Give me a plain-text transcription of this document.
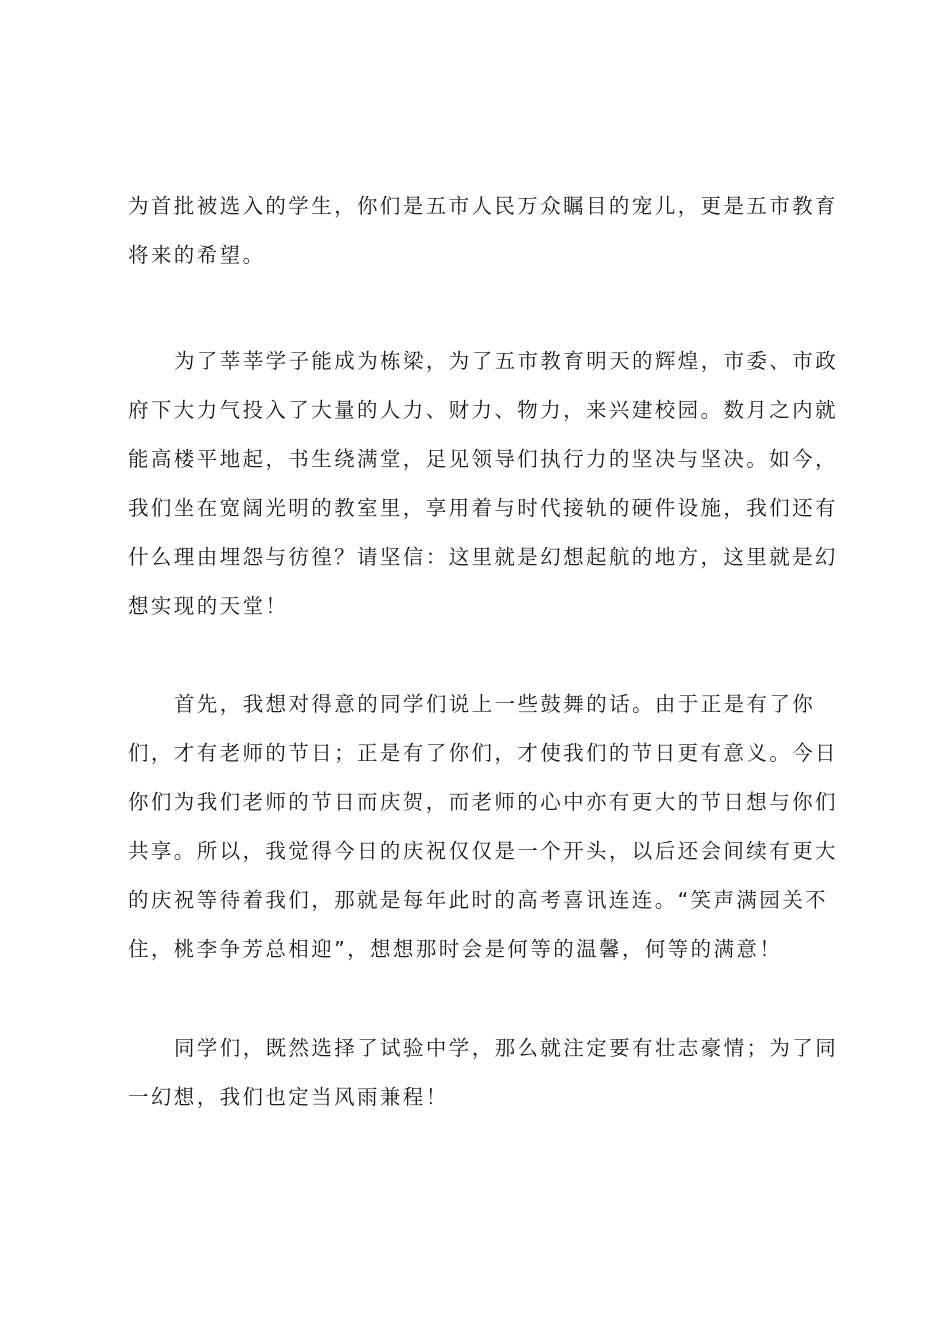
为首批被选入的学生，你们是五市人民万众瞩目的宠儿，更是五市教育
将来的希望。
为了莘莘学子能成为栋梁，为了五市教育明天的辉煌，市委、市政
府下大力气投入了大量的人力、财力、物力，来兴建校园。数月之内就
能高楼平地起，书生绕满堂，足见领导们执行力的坚决与坚决。如今，
我们坐在宽阔光明的教室里，享用着与时代接轨的硬件设施，我们还有
什么理由埋怨与彷徨？请坚信：这里就是幻想起航的地方，这里就是幻
想实现的天堂！
首先，我想对得意的同学们说上一些鼓舞的话。由于正是有了你
们，才有老师的节日；正是有了你们，才使我们的节日更有意义。今日
你们为我们老师的节日而庆贺，而老师的心中亦有更大的节日想与你们
共享。所以，我觉得今日的庆祝仅仅是一个开头，以后还会间续有更大
的庆祝等待着我们，那就是每年此时的高考喜讯连连。“笑声满园关不
住，桃李争芳总相迎”，想想那时会是何等的温馨，何等的满意！
同学们，既然选择了试验中学，那么就注定要有壮志豪情；为了同
一幻想，我们也定当风雨兼程！
